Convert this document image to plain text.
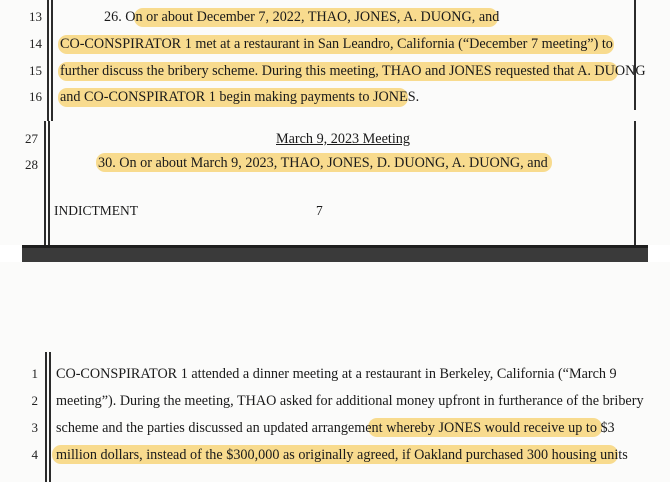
13	26. On or about December 7, 2022, THAO, JONES, A. DUONG, and
14 CO-CONSPIRATOR 1 met at a restaurant in San Leandro, California (“December 7 meeting”) to
15 further discuss the bribery scheme. During this meeting, THAO and JONES requested that A. DUONG
16 and CO-CONSPIRATOR 1 begin making payments to JONES.
March 9, 2023 Meeting
27
28	30. On or about March 9, 2023, THAO, JONES, D. DUONG, A. DUONG, and
INDICTMENT	7
1 CO-CONSPIRATOR 1 attended a dinner meeting at a restaurant in Berkeley, California (“March 9
2 meeting”). During the meeting, THAO asked for additional money upfront in furtherance of the bribery
3 scheme and the parties discussed an updated arrangement whereby JONES would receive up to $3
4 million dollars, instead of the $300,000 as originally agreed, if Oakland purchased 300 housing units
